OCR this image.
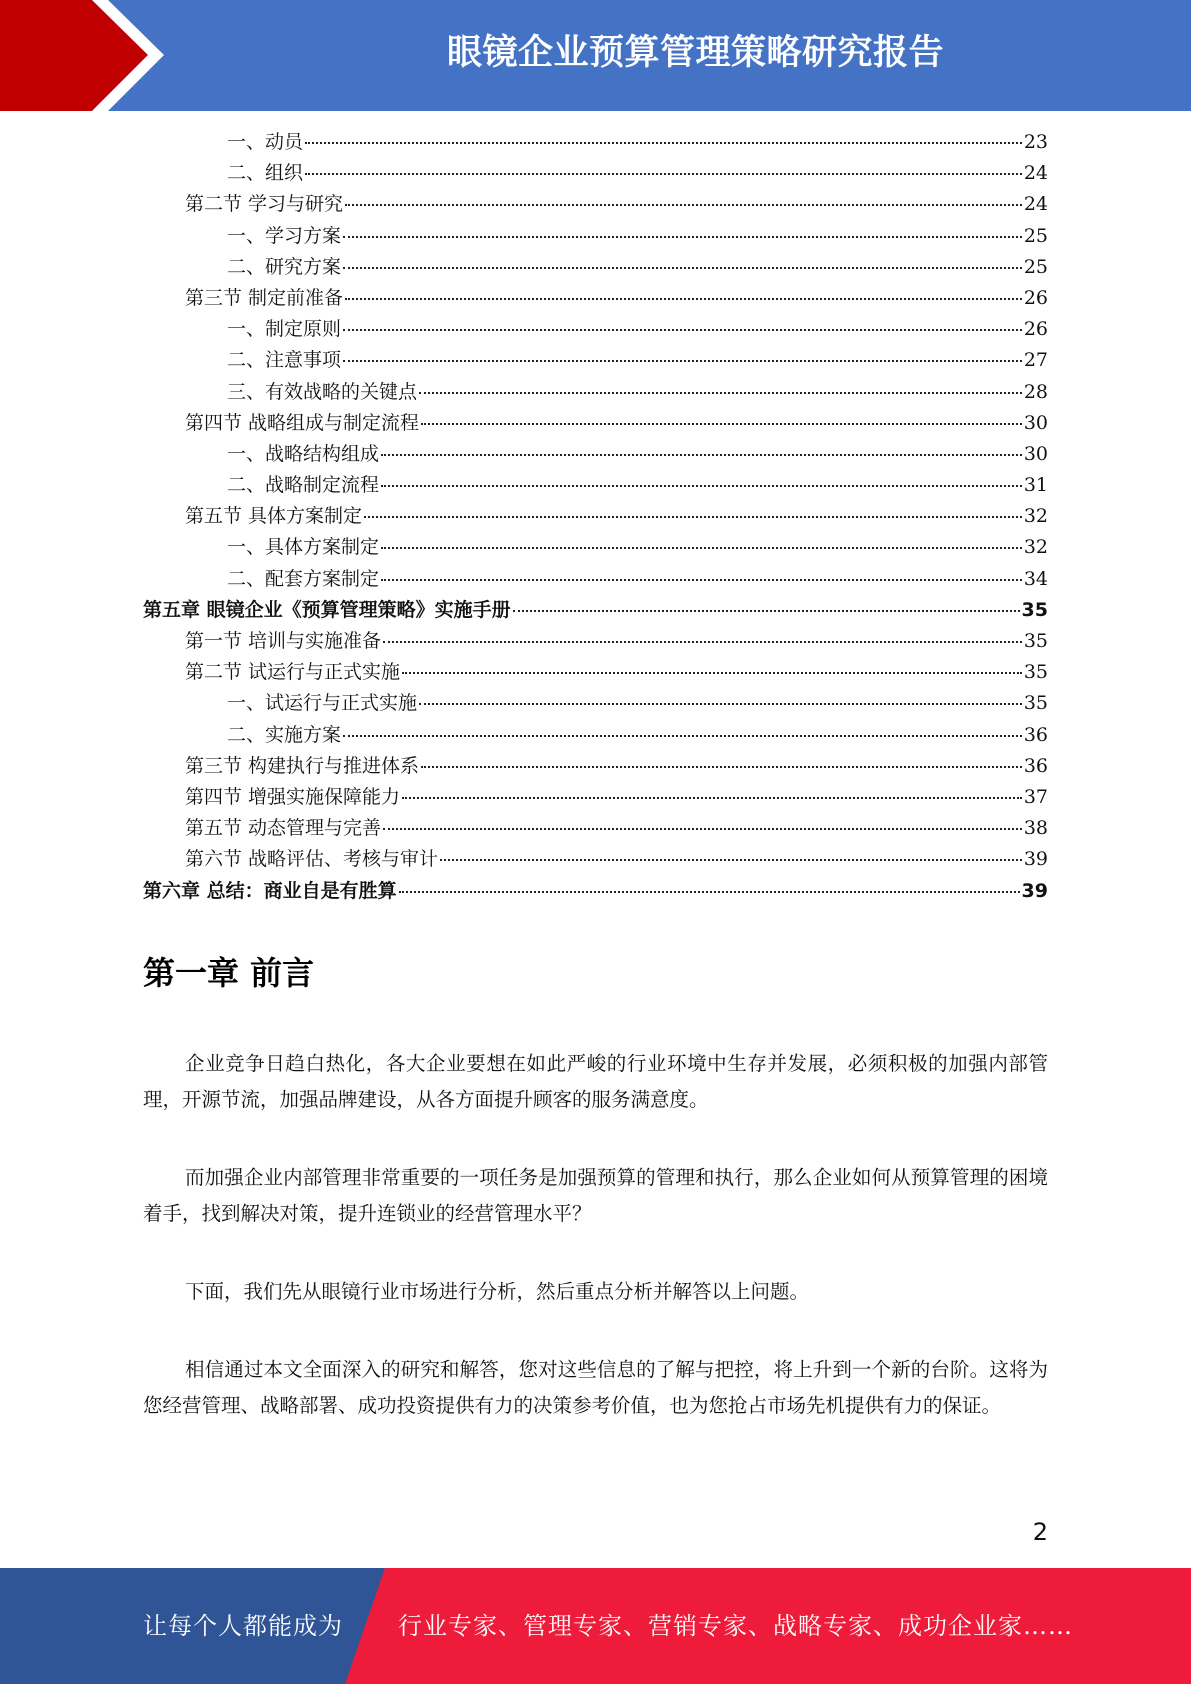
眼镜企业预算管理策略研究报告
一、动员	23
二、组织	24
第二节 学习与研究	24
一、学习方案	25
二、研究方案	25
第三节 制定前准备	26
一、制定原则	26
二、注意事项	27
三、有效战略的关键点	28
第四节 战略组成与制定流程	30
一、战略结构组成	30
二、战略制定流程	31
第五节 具体方案制定	32
一、具体方案制定	32
二、配套方案制定	34
第五章 眼镜企业《预算管理策略》实施手册	35
第一节 培训与实施准备	35
第二节 试运行与正式实施	35
一、试运行与正式实施	35
二、实施方案	36
第三节 构建执行与推进体系	36
第四节 增强实施保障能力	37
第五节 动态管理与完善	38
第六节 战略评估、考核与审计	39
第六章 总结：商业自是有胜算	39
第一章 前言

企业竞争日趋白热化，各大企业要想在如此严峻的行业环境中生存并发展，必须积极的加强内部管理，开源节流，加强品牌建设，从各方面提升顾客的服务满意度。

而加强企业内部管理非常重要的一项任务是加强预算的管理和执行，那么企业如何从预算管理的困境着手，找到解决对策，提升连锁业的经营管理水平？

下面，我们先从眼镜行业市场进行分析，然后重点分析并解答以上问题。

相信通过本文全面深入的研究和解答，您对这些信息的了解与把控，将上升到一个新的台阶。这将为您经营管理、战略部署、成功投资提供有力的决策参考价值，也为您抢占市场先机提供有力的保证。

2
让每个人都能成为 行业专家、管理专家、营销专家、战略专家、成功企业家……
